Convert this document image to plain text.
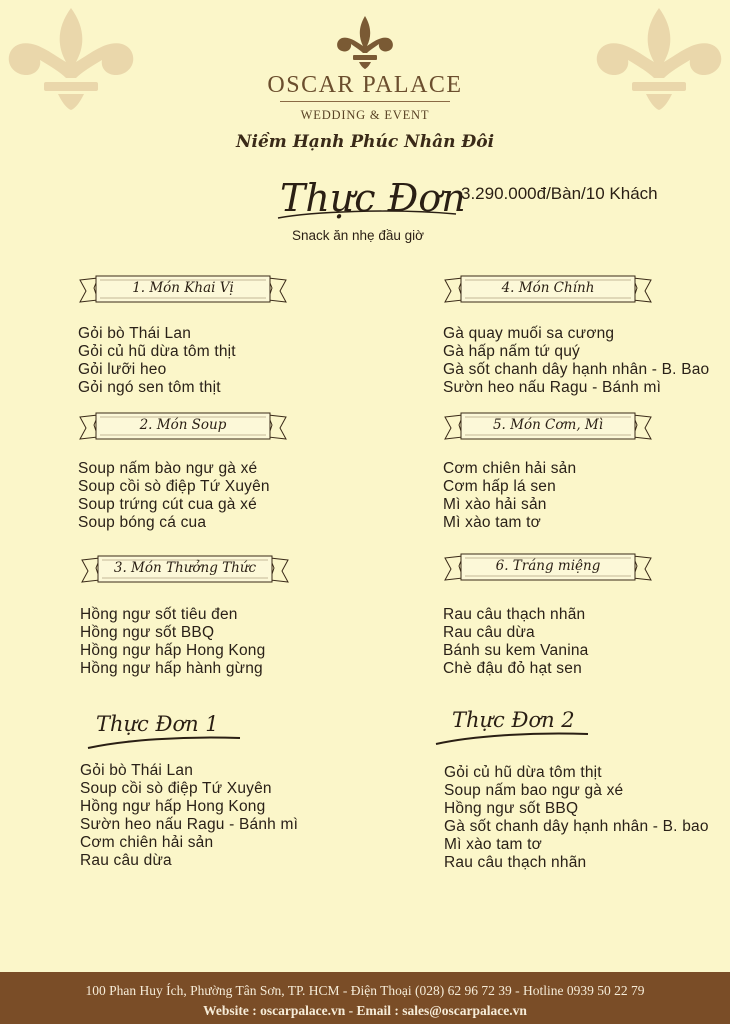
OSCAR PALACE
WEDDING & EVENT
Niềm Hạnh Phúc Nhân Đôi
Thực Đơn
3.290.000đ/Bàn/10 Khách
Snack ăn nhẹ đầu giờ
1. Món Khai Vị
Gỏi bò Thái Lan
Gỏi củ hũ dừa tôm thịt
Gỏi lưỡi heo
Gỏi ngó sen tôm thịt
2. Món Soup
Soup nấm bào ngư gà xé
Soup cồi sò điệp Tứ Xuyên
Soup trứng cút cua gà xé
Soup bóng cá cua
3. Món Thưởng Thức
Hồng ngư sốt tiêu đen
Hồng ngư sốt BBQ
Hồng ngư hấp Hong Kong
Hồng ngư hấp hành gừng
4. Món Chính
Gà quay muối sa cương
Gà hấp nấm tứ quý
Gà sốt chanh dây hạnh nhân - B. Bao
Sườn heo nấu Ragu - Bánh mì
5. Món Cơm, Mì
Cơm chiên hải sản
Cơm hấp lá sen
Mì xào hải sản
Mì xào tam tơ
6. Tráng miệng
Rau câu thạch nhãn
Rau câu dừa
Bánh su kem Vanina
Chè đậu đỏ hạt sen
Thực Đơn 1
Gỏi bò Thái Lan
Soup cồi sò điệp Tứ Xuyên
Hồng ngư hấp Hong Kong
Sườn heo nấu Ragu - Bánh mì
Cơm chiên hải sản
Rau câu dừa
Thực Đơn 2
Gỏi củ hũ dừa tôm thịt
Soup nấm bao ngư gà xé
Hồng ngư sốt BBQ
Gà sốt chanh dây hạnh nhân - B. bao
Mì xào tam tơ
Rau câu thạch nhãn
100 Phan Huy Ích, Phường Tân Sơn, TP. HCM - Điện Thoại (028) 62 96 72 39 - Hotline 0939 50 22 79
Website : oscarpalace.vn - Email : sales@oscarpalace.vn
